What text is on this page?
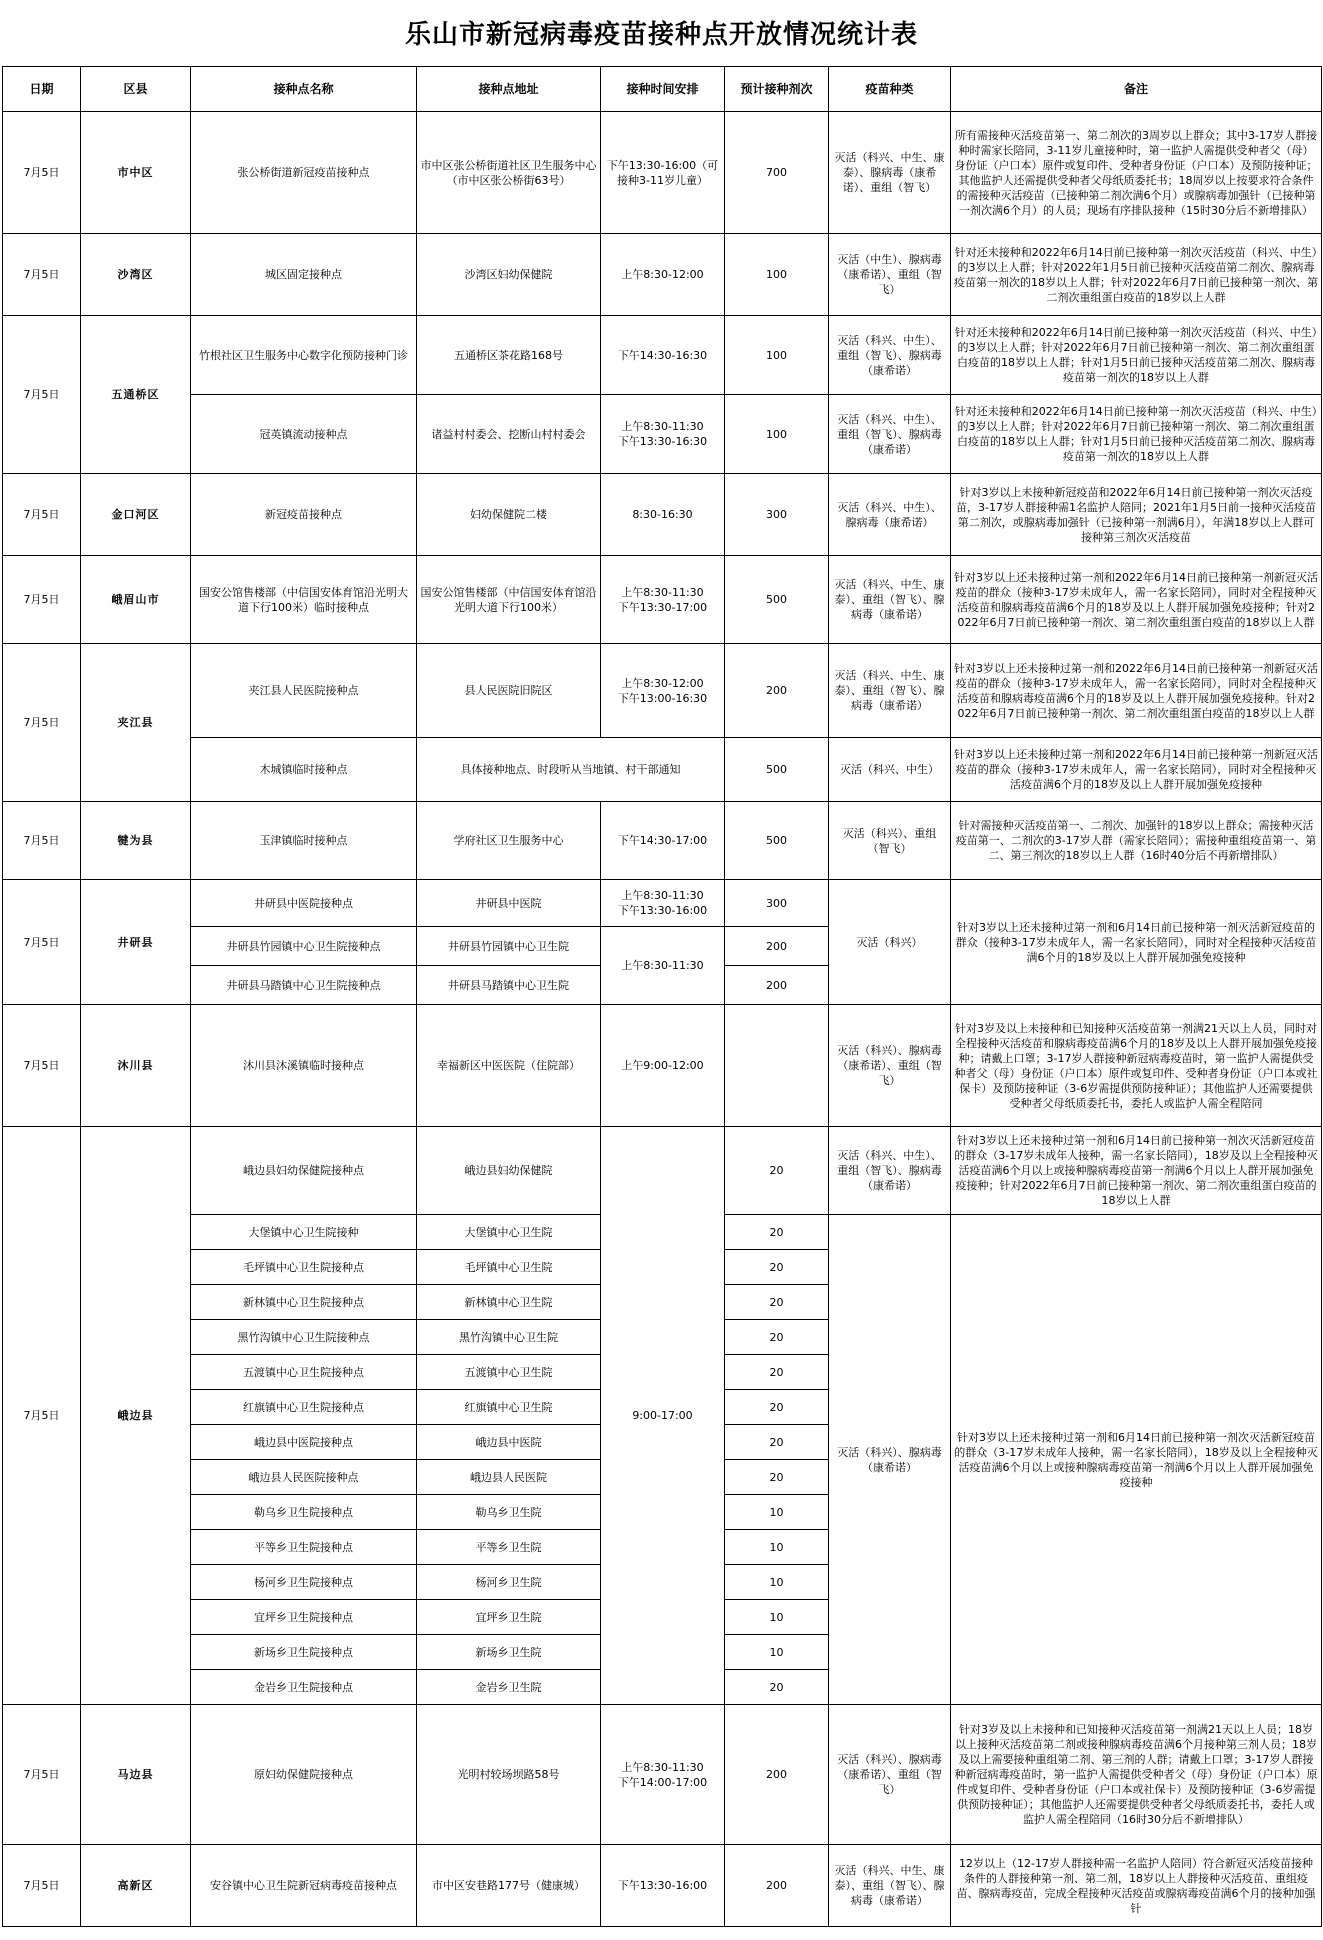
乐山市新冠病毒疫苗接种点开放情况统计表
日期	区县	接种点名称	接种点地址	接种时间安排	预计接种剂次	疫苗种类	备注
7月5日	市中区	张公桥街道新冠疫苗接种点	市中区张公桥街道社区卫生服务中心（市中区张公桥街63号）	下午13:30-16:00（可接种3-11岁儿童）	700	灭活（科兴、中生、康泰）、腺病毒（康希诺）、重组（智飞）	所有需接种灭活疫苗第一、第二剂次的3周岁以上群众；其中3-17岁人群接种时需家长陪同，3-11岁儿童接种时，第一监护人需提供受种者父（母）身份证（户口本）原件或复印件、受种者身份证（户口本）及预防接种证；其他监护人还需提供受种者父母纸质委托书；18周岁以上按要求符合条件的需接种灭活疫苗（已接种第二剂次满6个月）或腺病毒加强针（已接种第一剂次满6个月）的人员；现场有序排队接种（15时30分后不新增排队）
7月5日	沙湾区	城区固定接种点	沙湾区妇幼保健院	上午8:30-12:00	100	灭活（中生）、腺病毒（康希诺）、重组（智飞）	针对还未接种和2022年6月14日前已接种第一剂次灭活疫苗（科兴、中生）的3岁以上人群；针对2022年1月5日前已接种灭活疫苗第二剂次、腺病毒疫苗第一剂次的18岁以上人群；针对2022年6月7日前已接种第一剂次、第二剂次重组蛋白疫苗的18岁以上人群
7月5日	五通桥区	竹根社区卫生服务中心数字化预防接种门诊	五通桥区茶花路168号	下午14:30-16:30	100	灭活（科兴、中生）、重组（智飞）、腺病毒（康希诺）	针对还未接种和2022年6月14日前已接种第一剂次灭活疫苗（科兴、中生）的3岁以上人群；针对2022年6月7日前已接种第一剂次、第二剂次重组蛋白疫苗的18岁以上人群；针对1月5日前已接种灭活疫苗第二剂次、腺病毒疫苗第一剂次的18岁以上人群
		冠英镇流动接种点	诸益村村委会、挖断山村村委会	上午8:30-11:30
下午13:30-16:30	100	灭活（科兴、中生）、重组（智飞）、腺病毒（康希诺）	针对还未接种和2022年6月14日前已接种第一剂次灭活疫苗（科兴、中生）的3岁以上人群；针对2022年6月7日前已接种第一剂次、第二剂次重组蛋白疫苗的18岁以上人群；针对1月5日前已接种灭活疫苗第二剂次、腺病毒疫苗第一剂次的18岁以上人群
7月5日	金口河区	新冠疫苗接种点	妇幼保健院二楼	8:30-16:30	300	灭活（科兴、中生）、腺病毒（康希诺）	针对3岁以上未接种新冠疫苗和2022年6月14日前已接种第一剂次灭活疫苗，3-17岁人群接种需1名监护人陪同；2021年1月5日前一接种灭活疫苗第二剂次，或腺病毒加强针（已接种第一剂满6月），年满18岁以上人群可接种第三剂次灭活疫苗
7月5日	峨眉山市	国安公馆售楼部（中信国安体育馆沿光明大道下行100米）临时接种点	国安公馆售楼部（中信国安体育馆沿光明大道下行100米）	上午8:30-11:30
下午13:30-17:00	500	灭活（科兴、中生、康泰）、重组（智飞）、腺病毒（康希诺）	针对3岁以上还未接种过第一剂和2022年6月14日前已接种第一剂新冠灭活疫苗的群众（接种3-17岁未成年人，需一名家长陪同），同时对全程接种灭活疫苗和腺病毒疫苗满6个月的18岁及以上人群开展加强免疫接种；针对2022年6月7日前已接种第一剂次、第二剂次重组蛋白疫苗的18岁以上人群
7月5日	夹江县	夹江县人民医院接种点	县人民医院旧院区	上午8:30-12:00
下午13:00-16:30	200	灭活（科兴、中生、康泰）、重组（智飞）、腺病毒（康希诺）	针对3岁以上还未接种过第一剂和2022年6月14日前已接种第一剂新冠灭活疫苗的群众（接种3-17岁未成年人，需一名家长陪同），同时对全程接种灭活疫苗和腺病毒疫苗满6个月的18岁及以上人群开展加强免疫接种。针对2022年6月7日前已接种第一剂次、第二剂次重组蛋白疫苗的18岁以上人群
		木城镇临时接种点	具体接种地点、时段听从当地镇、村干部通知		500	灭活（科兴、中生）	针对3岁以上还未接种过第一剂和2022年6月14日前已接种第一剂新冠灭活疫苗的群众（接种3-17岁未成年人，需一名家长陪同），同时对全程接种灭活疫苗满6个月的18岁及以上人群开展加强免疫接种
7月5日	犍为县	玉津镇临时接种点	学府社区卫生服务中心	下午14:30-17:00	500	灭活（科兴）、重组（智飞）	针对需接种灭活疫苗第一、二剂次、加强针的18岁以上群众；需接种灭活疫苗第一、二剂次的3-17岁人群（需家长陪同）；需接种重组疫苗第一、第二、第三剂次的18岁以上人群（16时40分后不再新增排队）
7月5日	井研县	井研县中医院接种点	井研县中医院	上午8:30-11:30
下午13:30-16:00	300	灭活（科兴）	针对3岁以上还未接种过第一剂和6月14日前已接种第一剂灭活新冠疫苗的群众（接种3-17岁未成年人，需一名家长陪同），同时对全程接种灭活疫苗满6个月的18岁及以上人群开展加强免疫接种
		井研县竹园镇中心卫生院接种点	井研县竹园镇中心卫生院	上午8:30-11:30	200		
		井研县马踏镇中心卫生院接种点	井研县马踏镇中心卫生院		200		
7月5日	沐川县	沐川县沐溪镇临时接种点	幸福新区中医医院（住院部）	上午9:00-12:00		灭活（科兴）、腺病毒（康希诺）、重组（智飞）	针对3岁及以上未接种和已知接种灭活疫苗第一剂满21天以上人员，同时对全程接种灭活疫苗和腺病毒疫苗满6个月的18岁及以上人群开展加强免疫接种；请戴上口罩；3-17岁人群接种新冠病毒疫苗时，第一监护人需提供受种者父（母）身份证（户口本）原件或复印件、受种者身份证（户口本或社保卡）及预防接种证（3-6岁需提供预防接种证）；其他监护人还需要提供受种者父母纸质委托书，委托人或监护人需全程陪同
7月5日	峨边县	峨边县妇幼保健院接种点	峨边县妇幼保健院	9:00-17:00	20	灭活（科兴、中生）、重组（智飞）、腺病毒（康希诺）	针对3岁以上还未接种过第一剂和6月14日前已接种第一剂次灭活新冠疫苗的群众（3-17岁未成年人接种，需一名家长陪同），18岁及以上全程接种灭活疫苗满6个月以上或接种腺病毒疫苗第一剂满6个月以上人群开展加强免疫接种；针对2022年6月7日前已接种第一剂次、第二剂次重组蛋白疫苗的18岁以上人群
		大堡镇中心卫生院接种	大堡镇中心卫生院		20	灭活（科兴）、腺病毒（康希诺）	针对3岁以上还未接种过第一剂和6月14日前已接种第一剂次灭活新冠疫苗的群众（3-17岁未成年人接种，需一名家长陪同），18岁及以上全程接种灭活疫苗满6个月以上或接种腺病毒疫苗第一剂满6个月以上人群开展加强免疫接种
		毛坪镇中心卫生院接种点	毛坪镇中心卫生院		20		
		新林镇中心卫生院接种点	新林镇中心卫生院		20		
		黑竹沟镇中心卫生院接种点	黑竹沟镇中心卫生院		20		
		五渡镇中心卫生院接种点	五渡镇中心卫生院		20		
		红旗镇中心卫生院接种点	红旗镇中心卫生院		20		
		峨边县中医院接种点	峨边县中医院		20		
		峨边县人民医院接种点	峨边县人民医院		20		
		勒乌乡卫生院接种点	勒乌乡卫生院		10		
		平等乡卫生院接种点	平等乡卫生院		10		
		杨河乡卫生院接种点	杨河乡卫生院		10		
		宜坪乡卫生院接种点	宜坪乡卫生院		10		
		新场乡卫生院接种点	新场乡卫生院		10		
		金岩乡卫生院接种点	金岩乡卫生院		20		
7月5日	马边县	原妇幼保健院接种点	光明村较场坝路58号	上午8:30-11:30
下午14:00-17:00	200	灭活（科兴）、腺病毒（康希诺）、重组（智飞）	针对3岁及以上未接种和已知接种灭活疫苗第一剂满21天以上人员；18岁以上接种灭活疫苗第二剂或接种腺病毒疫苗满6个月接种第三剂人员；18岁及以上需要接种重组第二剂、第三剂的人群；请戴上口罩；3-17岁人群接种新冠病毒疫苗时，第一监护人需提供受种者父（母）身份证（户口本）原件或复印件、受种者身份证（户口本或社保卡）及预防接种证（3-6岁需提供预防接种证）；其他监护人还需要提供受种者父母纸质委托书，委托人或监护人需全程陪同（16时30分后不新增排队）
7月5日	高新区	安谷镇中心卫生院新冠病毒疫苗接种点	市中区安巷路177号（健康城）	下午13:30-16:00	200	灭活（科兴、中生、康泰）、重组（智飞）、腺病毒（康希诺）	12岁以上（12-17岁人群接种需一名监护人陪同）符合新冠灭活疫苗接种条件的人群接种第一剂、第二剂，18岁以上人群接种灭活疫苗、重组疫苗、腺病毒疫苗，完成全程接种灭活疫苗或腺病毒疫苗满6个月的接种加强针
